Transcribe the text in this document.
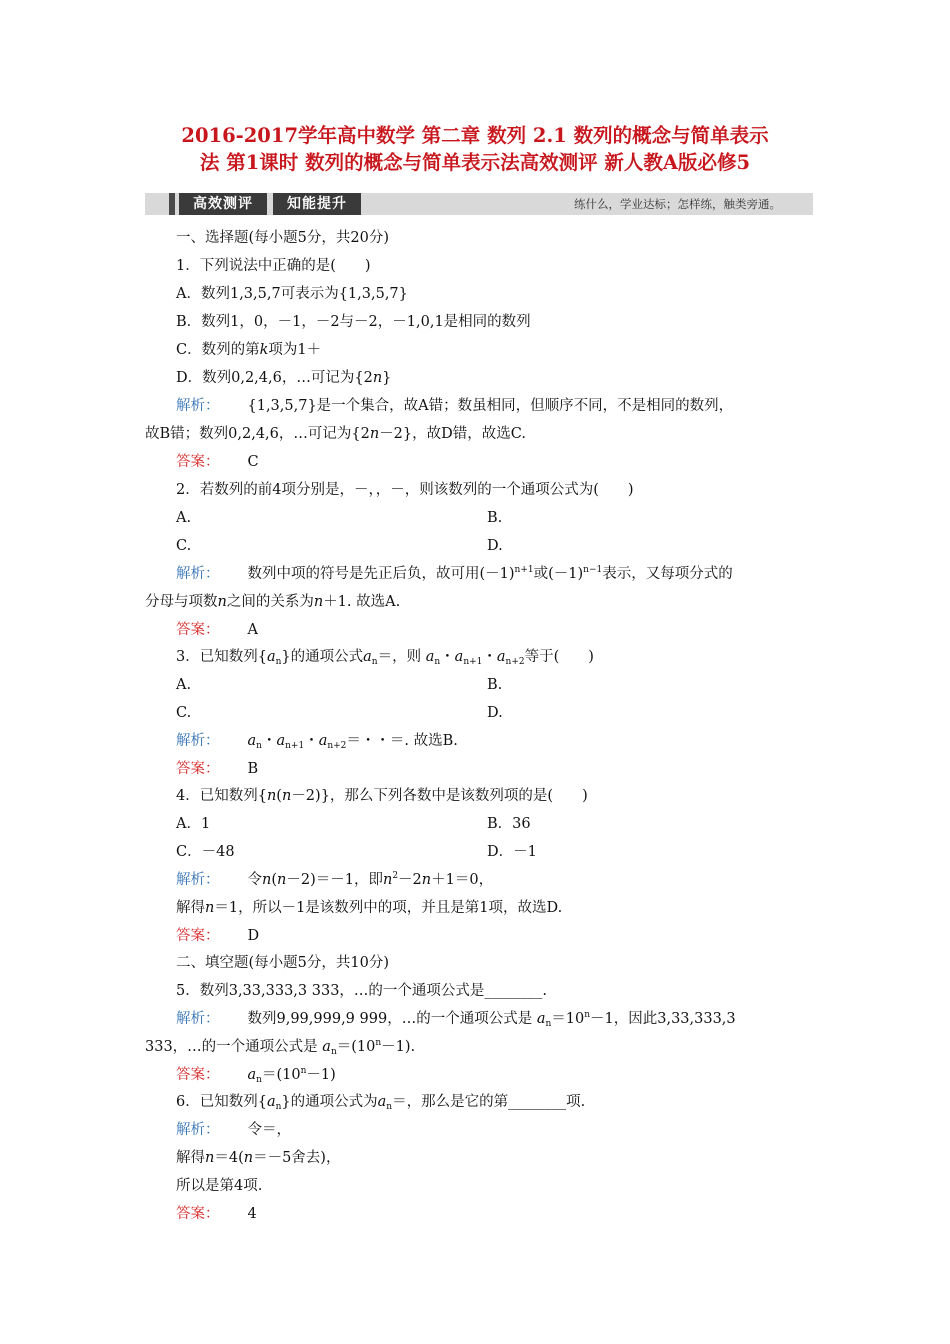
2016-2017学年高中数学 第二章 数列 2.1 数列的概念与简单表示
法 第1课时 数列的概念与简单表示法高效测评 新人教A版必修5
高效测评	知能提升	练什么，学业达标；怎样练，触类旁通。
一、选择题(每小题5分，共20分)
1．下列说法中正确的是(　　)
A．数列1,3,5,7可表示为{1,3,5,7}
B．数列1，0，－1，－2与－2，－1,0,1是相同的数列
C．数列的第k项为1＋
D．数列0,2,4,6，…可记为{2n}
解析： {1,3,5,7}是一个集合，故A错；数虽相同，但顺序不同，不是相同的数列，
故B错；数列0,2,4,6，…可记为{2n－2}，故D错，故选C.
答案： C
2．若数列的前4项分别是，－，，－，则该数列的一个通项公式为(　　)
A.	B.
C.	D.
解析： 数列中项的符号是先正后负，故可用$(-1)^{n+1}$或$(-1)^{n-1}$表示，又每项分式的
分母与项数n之间的关系为n＋1. 故选A.
答案： A
3．已知数列$\{a_n\}$的通项公式$a_n=$，则 $a_n$・$a_{n+1}$・$a_{n+2}$等于(　　)
A.	B.
C.	D.
解析： $a_n$・$a_{n+1}$・$a_{n+2}=$・・＝. 故选B.
答案： B
4．已知数列{n(n－2)}，那么下列各数中是该数列项的是(　　)
A．1	B．36
C．－48	D．－1
解析： 令n(n－2)＝－1，即$n^2-2n+1=0$，
解得n＝1，所以－1是该数列中的项，并且是第1项，故选D.
答案： D
二、填空题(每小题5分，共10分)
5．数列3,33,333,3 333，…的一个通项公式是________.
解析： 数列9,99,999,9 999，…的一个通项公式是 $a_n=10^n-1$，因此3,33,333,3
333，…的一个通项公式是 $a_n=(10^n-1)$.
答案： $a_n=(10^n-1)$
6．已知数列$\{a_n\}$的通项公式为$a_n=$，那么是它的第________项.
解析： 令＝，
解得n＝4(n＝－5舍去)，
所以是第4项.
答案： 4
